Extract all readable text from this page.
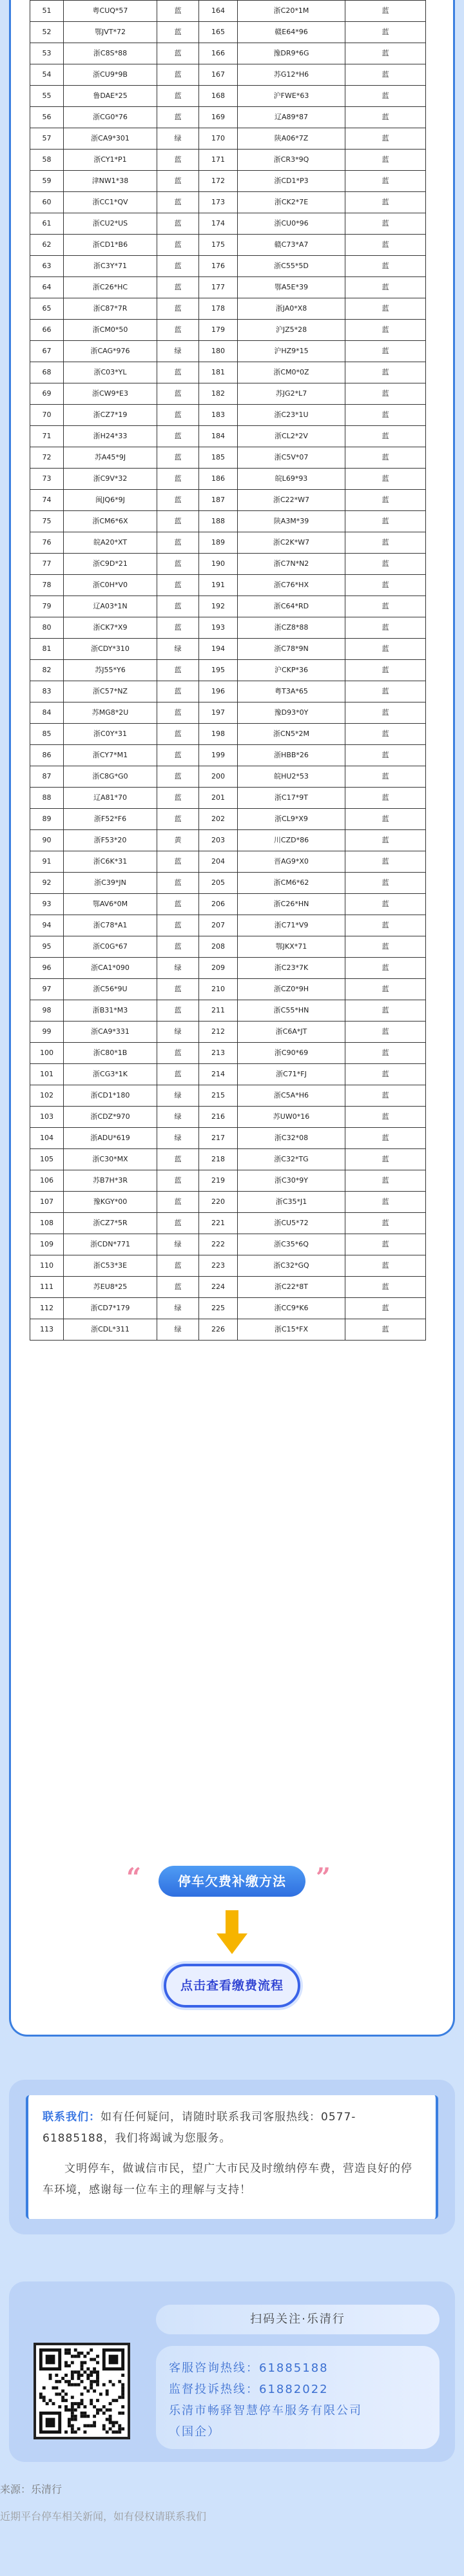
51	粤CUQ*57	蓝	164	浙C20*1M	蓝
52	鄂JVT*72	蓝	165	赣E64*96	蓝
53	浙C8S*88	蓝	166	豫DR9*6G	蓝
54	浙CU9*9B	蓝	167	苏G12*H6	蓝
55	鲁DAE*25	蓝	168	沪FWE*63	蓝
56	浙CG0*76	蓝	169	辽A89*87	蓝
57	浙CA9*301	绿	170	陕A06*7Z	蓝
58	浙CY1*P1	蓝	171	浙CR3*9Q	蓝
59	津NW1*38	蓝	172	浙CD1*P3	蓝
60	浙CC1*QV	蓝	173	浙CK2*7E	蓝
61	浙CU2*US	蓝	174	浙CU0*96	蓝
62	浙CD1*B6	蓝	175	赣C73*A7	蓝
63	浙C3Y*71	蓝	176	浙C55*5D	蓝
64	浙C26*HC	蓝	177	鄂A5E*39	蓝
65	浙C87*7R	蓝	178	浙JA0*X8	蓝
66	浙CM0*50	蓝	179	沪JZ5*28	蓝
67	浙CAG*976	绿	180	沪HZ9*15	蓝
68	浙C03*YL	蓝	181	浙CM0*0Z	蓝
69	浙CW9*E3	蓝	182	苏JG2*L7	蓝
70	浙CZ7*19	蓝	183	浙C23*1U	蓝
71	浙H24*33	蓝	184	浙CL2*2V	蓝
72	苏A45*9J	蓝	185	浙C5V*07	蓝
73	浙C9V*32	蓝	186	皖L69*93	蓝
74	闽JQ6*9J	蓝	187	浙C22*W7	蓝
75	浙CM6*6X	蓝	188	陕A3M*39	蓝
76	皖A20*XT	蓝	189	浙C2K*W7	蓝
77	浙C9D*21	蓝	190	浙C7N*N2	蓝
78	浙C0H*V0	蓝	191	浙C76*HX	蓝
79	辽A03*1N	蓝	192	浙C64*RD	蓝
80	浙CK7*X9	蓝	193	浙CZ8*88	蓝
81	浙CDY*310	绿	194	浙C78*9N	蓝
82	苏J55*Y6	蓝	195	沪CKP*36	蓝
83	浙C57*NZ	蓝	196	粤T3A*65	蓝
84	苏MG8*2U	蓝	197	豫D93*0Y	蓝
85	浙C0Y*31	蓝	198	浙CN5*2M	蓝
86	浙CY7*M1	蓝	199	浙HBB*26	蓝
87	浙C8G*G0	蓝	200	皖HU2*53	蓝
88	辽A81*70	蓝	201	浙C17*9T	蓝
89	浙F52*F6	蓝	202	浙CL9*X9	蓝
90	浙F53*20	黄	203	川CZD*86	蓝
91	浙C6K*31	蓝	204	晋AG9*X0	蓝
92	浙C39*JN	蓝	205	浙CM6*62	蓝
93	鄂AV6*0M	蓝	206	浙C26*HN	蓝
94	浙C78*A1	蓝	207	浙C71*V9	蓝
95	浙C0G*67	蓝	208	鄂JKX*71	蓝
96	浙CA1*090	绿	209	浙C23*7K	蓝
97	浙C56*9U	蓝	210	浙CZ0*9H	蓝
98	浙B31*M3	蓝	211	浙C55*HN	蓝
99	浙CA9*331	绿	212	浙C6A*JT	蓝
100	浙C80*1B	蓝	213	浙C90*69	蓝
101	浙CG3*1K	蓝	214	浙C71*FJ	蓝
102	浙CD1*180	绿	215	浙C5A*H6	蓝
103	浙CDZ*970	绿	216	苏UW0*16	蓝
104	浙ADU*619	绿	217	浙C32*08	蓝
105	浙C30*MX	蓝	218	浙C32*TG	蓝
106	苏B7H*3R	蓝	219	浙C30*9Y	蓝
107	豫KGY*00	蓝	220	浙C35*J1	蓝
108	浙CZ7*5R	蓝	221	浙CU5*72	蓝
109	浙CDN*771	绿	222	浙C35*6Q	蓝
110	浙C53*3E	蓝	223	浙C32*GQ	蓝
111	苏EU8*25	蓝	224	浙C22*8T	蓝
112	浙CD7*179	绿	225	浙CC9*K6	蓝
113	浙CDL*311	绿	226	浙C15*FX	蓝
“	停车欠费补缴方法	”
点击查看缴费流程
联系我们：如有任何疑问，请随时联系我司客服热线：0577-61885188，我们将竭诚为您服务。
文明停车，做诚信市民，望广大市民及时缴纳停车费，营造良好的停车环境，感谢每一位车主的理解与支持！
扫码关注·乐清行
客服咨询热线：61885188
监督投诉热线：61882022
乐清市畅驿智慧停车服务有限公司
（国企）
来源：乐清行
近期平台停车相关新闻，如有侵权请联系我们
